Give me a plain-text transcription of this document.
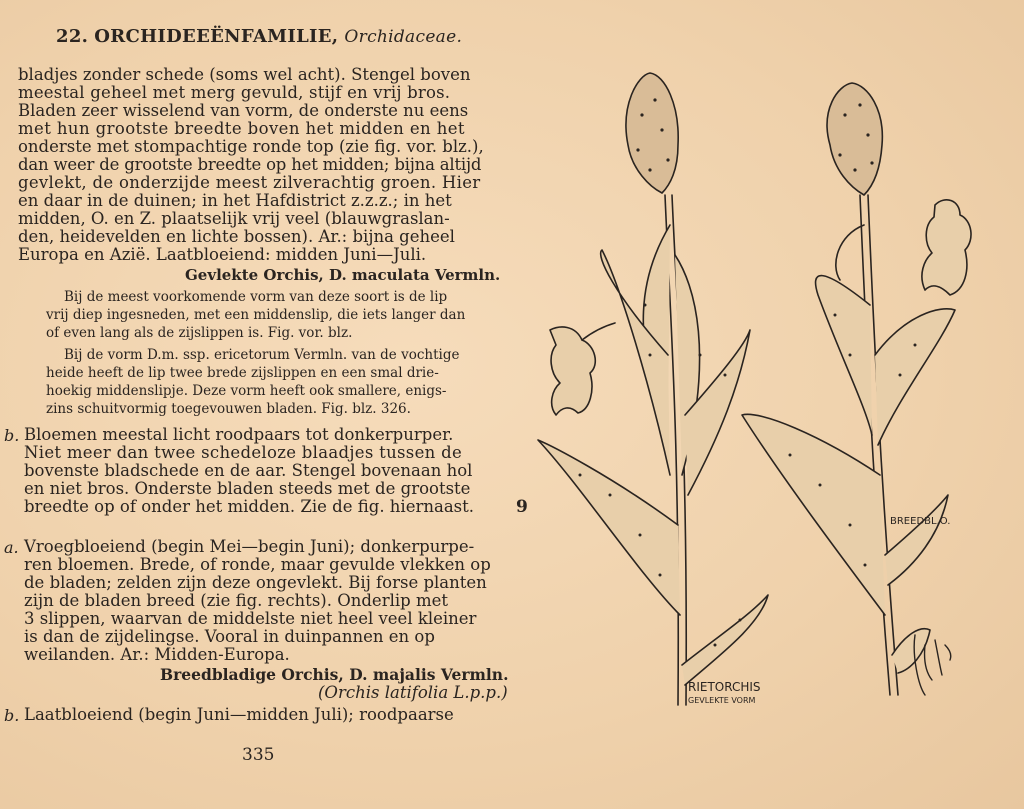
22. ORCHIDEEËNFAMILIE, Orchidaceae.
bladjes zonder schede (soms wel acht). Stengel boven
meestal geheel met merg gevuld, stijf en vrij bros.
Bladen zeer wisselend van vorm, de onderste nu eens
met hun grootste breedte boven het midden en het
onderste met stompachtige ronde top (zie fig. vor. blz.),
dan weer de grootste breedte op het midden; bijna altijd
gevlekt, de onderzijde meest zilverachtig groen. Hier
en daar in de duinen; in het Hafdistrict z.z.z.; in het
midden, O. en Z. plaatselijk vrij veel (blauwgraslan-
den, heidevelden en lichte bossen). Ar.: bijna geheel
Europa en Azië. Laatbloeiend: midden Juni—Juli.
Gevlekte Orchis, D. maculata Vermln.
Bij de meest voorkomende vorm van deze soort is de lip
vrij diep ingesneden, met een middenslip, die iets langer dan
of even lang als de zijslippen is. Fig. vor. blz.
Bij de vorm D.m. ssp. ericetorum Vermln. van de vochtige
heide heeft de lip twee brede zijslippen en een smal drie-
hoekig middenslipje. Deze vorm heeft ook smallere, enigs-
zins schuitvormig toegevouwen bladen. Fig. blz. 326.
b. Bloemen meestal licht roodpaars tot donkerpurper.
Niet meer dan twee schedeloze blaadjes tussen de
bovenste bladschede en de aar. Stengel bovenaan hol
en niet bros. Onderste bladen steeds met de grootste
breedte op of onder het midden. Zie de fig. hiernaast.
a. Vroegbloeiend (begin Mei—begin Juni); donkerpurpe-
ren bloemen. Brede, of ronde, maar gevulde vlekken op
de bladen; zelden zijn deze ongevlekt. Bij forse planten
zijn de bladen breed (zie fig. rechts). Onderlip met
3 slippen, waarvan de middelste niet heel veel kleiner
is dan de zijdelingse. Vooral in duinpannen en op
weilanden. Ar.: Midden-Europa.
Breedbladige Orchis, D. majalis Vermln.
(Orchis latifolia L.p.p.)
b. Laatbloeiend (begin Juni—midden Juli); roodpaarse
9
335
RIETORCHIS
GEVLEKTE VORM
BREEDBL.O.
